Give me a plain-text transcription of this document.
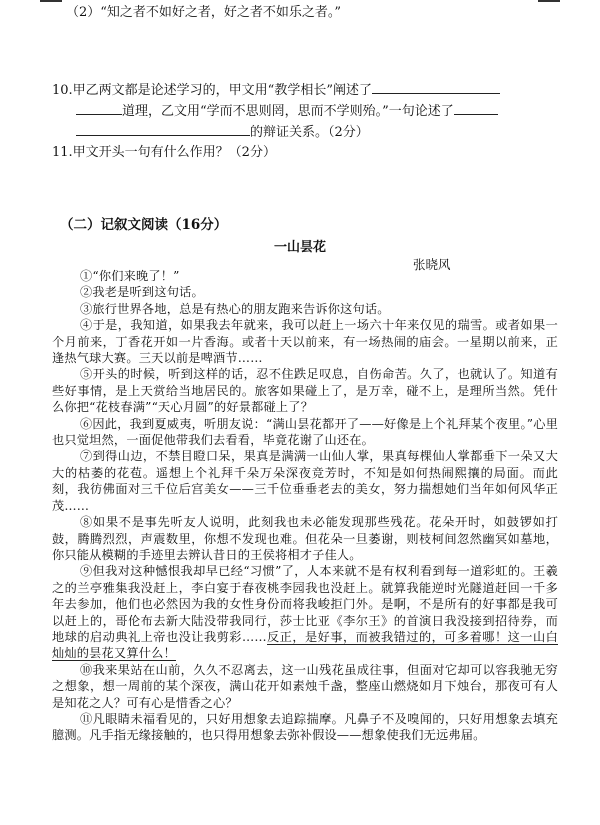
（2）“知之者不如好之者，好之者不如乐之者。”
10.甲乙两文都是论述学习的，甲文用“教学相长”阐述了
道理，乙文用“学而不思则罔，思而不学则殆。”一句论述了
的辩证关系。（2分）
11.甲文开头一句有什么作用？（2分）
（二）记叙文阅读（16分）
一山昙花
张晓风

①“你们来晚了！”

②我老是听到这句话。

③旅行世界各地，总是有热心的朋友跑来告诉你这句话。

④于是，我知道，如果我去年就来，我可以赶上一场六十年来仅见的瑞雪。或者如果一个月前来，丁香花开如一片香海。或者十天以前来，有一场热闹的庙会。一星期以前来，正逢热气球大赛。三天以前是啤酒节……

⑤开头的时候，听到这样的话，忍不住跌足叹息，自伤命苦。久了，也就认了。知道有些好事情，是上天赏给当地居民的。旅客如果碰上了，是万幸，碰不上，是理所当然。凭什么你把“花枝春满”“天心月圆”的好景都碰上了？

⑥因此，我到夏威夷，听朋友说：“满山昙花都开了——好像是上个礼拜某个夜里。”心里也只觉坦然，一面促他带我们去看看，毕竟花谢了山还在。

⑦到得山边，不禁目瞪口呆，果真是满满一山仙人掌，果真每棵仙人掌都垂下一朵又大大的枯萎的花苞。遥想上个礼拜千朵万朵深夜竞芳时，不知是如何热闹熙攘的局面。而此刻，我彷佛面对三千位后宫美女——三千位垂垂老去的美女，努力揣想她们当年如何风华正茂……

⑧如果不是事先听友人说明，此刻我也未必能发现那些残花。花朵开时，如鼓锣如打鼓，腾腾烈烈，声震数里，你想不发现也难。但花朵一旦萎谢，则枝柯间忽然幽冥如墓地，你只能从模糊的手迹里去辨认昔日的王侯将相才子佳人。

⑨但我对这种憾恨我却早已经“习惯”了，人本来就不是有权利看到每一道彩虹的。王羲之的兰亭雅集我没赶上，李白宴于春夜桃李园我也没赶上。就算我能逆时光隧道赶回一千多年去参加，他们也必然因为我的女性身份而将我峻拒门外。是啊，不是所有的好事都是我可以赶上的，哥伦布去新大陆没带我同行，莎士比亚《李尔王》的首演日我没接到招待券，而地球的启动典礼上帝也没让我剪彩……反正，是好事，而被我错过的，可多着哪！这一山白灿灿的昙花又算什么！

⑩我来果站在山前，久久不忍离去，这一山残花虽成往事，但面对它却可以容我驰无穷之想象，想一周前的某个深夜，满山花开如素烛千盏，整座山燃烧如月下烛台，那夜可有人是知花之人？可有心是惜香之心？

⑪凡眼睛未福看见的，只好用想象去追踪揣摩。凡鼻子不及嗅闻的，只好用想象去填充臆测。凡手指无缘接触的，也只得用想象去弥补假设——想象使我们无远弗届。
